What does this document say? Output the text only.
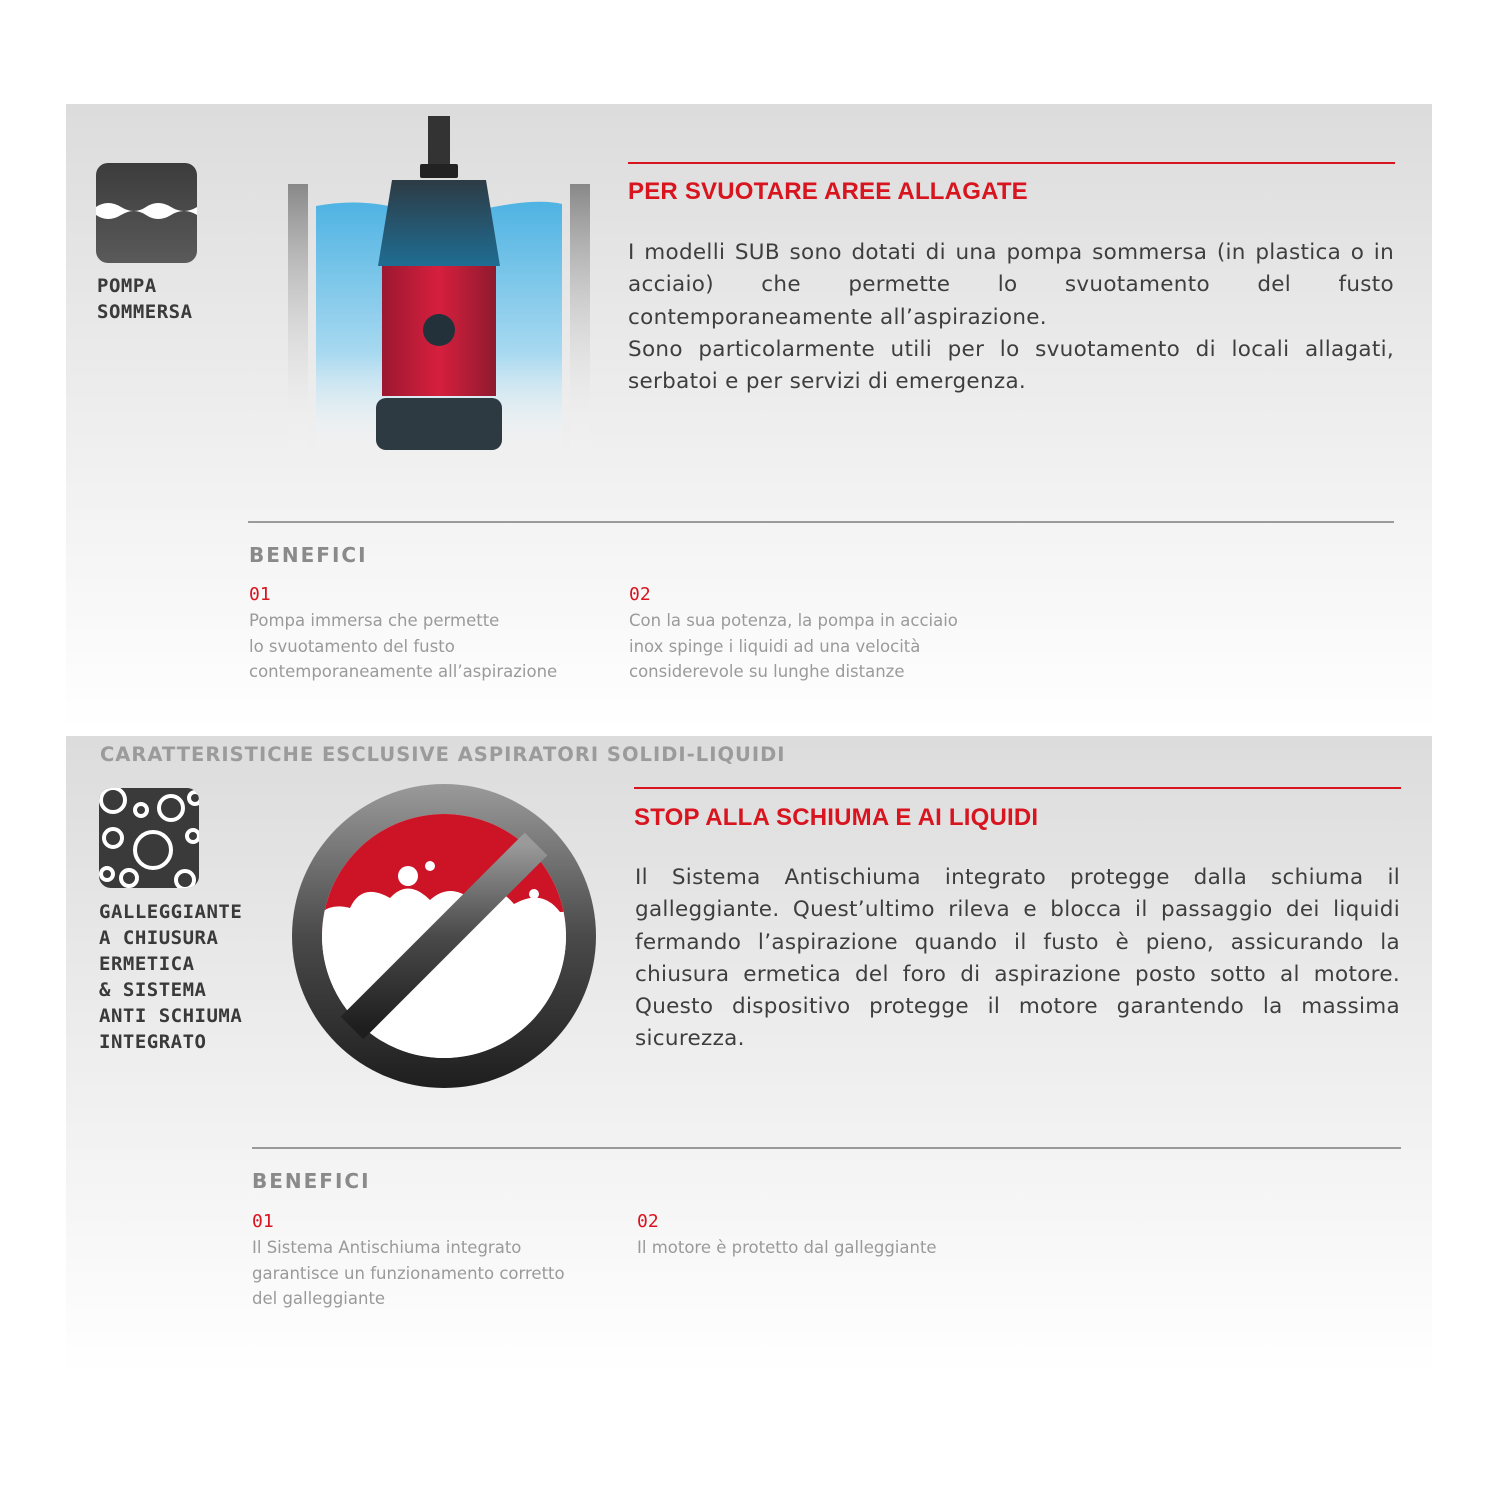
POMPA
SOMMERSA
PER SVUOTARE AREE ALLAGATE
I modelli SUB sono dotati di una pompa sommersa (in plastica o in acciaio) che permette lo svuotamento del fusto contemporaneamente all’aspirazione.
Sono particolarmente utili per lo svuotamento di locali allagati, serbatoi e per servizi di emergenza.
BENEFICI
01
Pompa immersa che permette
lo svuotamento del fusto
contemporaneamente all’aspirazione
02
Con la sua potenza, la pompa in acciaio
inox spinge i liquidi ad una velocità
considerevole su lunghe distanze
CARATTERISTICHE ESCLUSIVE ASPIRATORI SOLIDI-LIQUIDI
GALLEGGIANTE
A CHIUSURA
ERMETICA
& SISTEMA
ANTI SCHIUMA
INTEGRATO
STOP ALLA SCHIUMA E AI LIQUIDI
Il Sistema Antischiuma integrato protegge dalla schiuma il galleggiante. Quest’ultimo rileva e blocca il passaggio dei liquidi fermando l’aspirazione quando il fusto è pieno, assicurando la chiusura ermetica del foro di aspirazione posto sotto al motore. Questo dispositivo protegge il motore garantendo la massima sicurezza.
BENEFICI
01
Il Sistema Antischiuma integrato
garantisce un funzionamento corretto
del galleggiante
02
Il motore è protetto dal galleggiante
